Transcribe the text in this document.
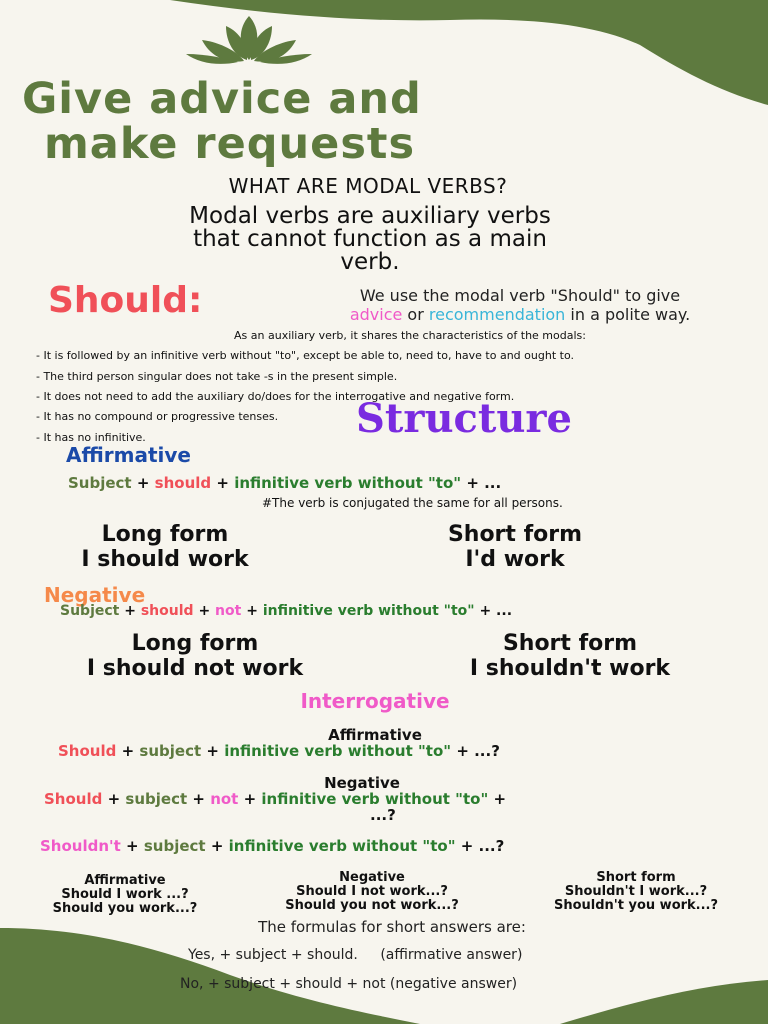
Give advice and
make requests
WHAT ARE MODAL VERBS?
Modal verbs are auxiliary verbs
that cannot function as a main
verb.
Should:	We use the modal verb "Should" to give
advice or recommendation in a polite way.
As an auxiliary verb, it shares the characteristics of the modals:
- It is followed by an infinitive verb without "to", except be able to, need to, have to and ought to.
- The third person singular does not take -s in the present simple.
- It does not need to add the auxiliary do/does for the interrogative and negative form.
- It has no compound or progressive tenses.
- It has no infinitive.	Structure
Affirmative
Subject + should + infinitive verb without "to" + ...
#The verb is conjugated the same for all persons.
Long form
I should work
Short form
I'd work
Negative
Subject + should + not + infinitive verb without "to" + ...
Long form
I should not work
Short form
I shouldn't work
Interrogative
Affirmative
Should + subject + infinitive verb without "to" + ...?
Negative
Should + subject + not + infinitive verb without "to" +
...?
Shouldn't + subject + infinitive verb without "to" + ...?
Affirmative
Should I work ...?
Should you work...?
Negative
Should I not work...?
Should you not work...?
Short form
Shouldn't I work...?
Shouldn't you work...?
The formulas for short answers are:
Yes, + subject + should. (affirmative answer)
No, + subject + should + not (negative answer)
